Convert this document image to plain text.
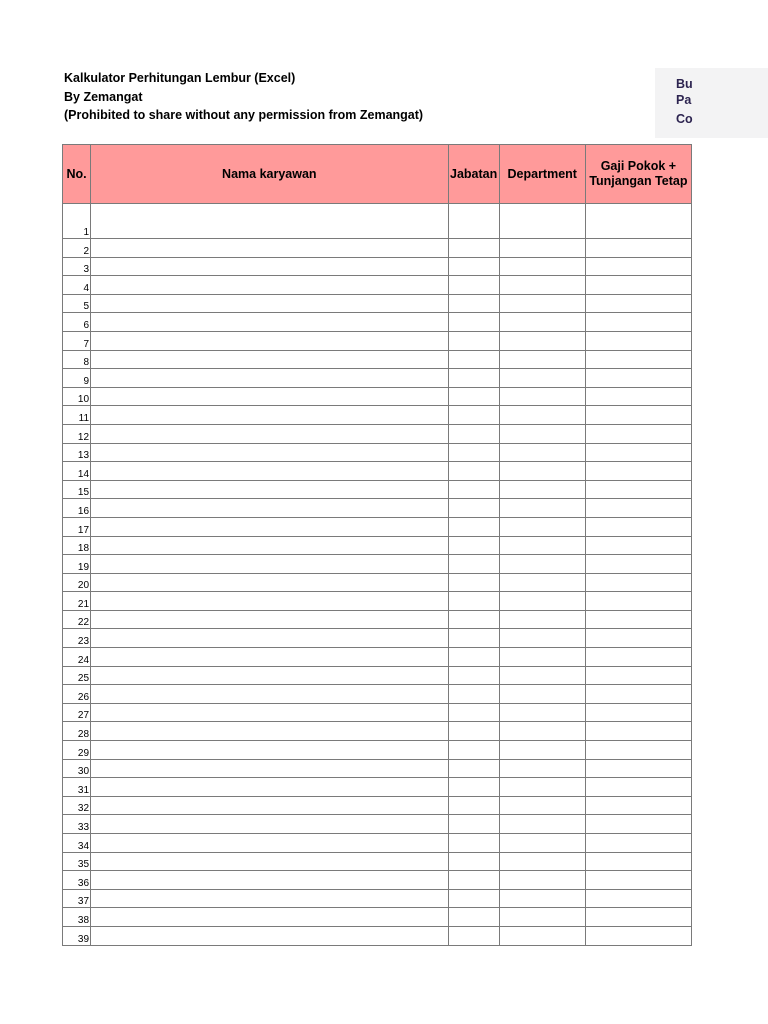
Kalkulator Perhitungan Lembur (Excel)
By Zemangat
(Prohibited to share without any permission from Zemangat)
Bu
Pa
Co
No.	Nama karyawan	Jabatan	Department	Gaji Pokok +
Tunjangan Tetap
1				
2				
3				
4				
5				
6				
7				
8				
9				
10				
11				
12				
13				
14				
15				
16				
17				
18				
19				
20				
21				
22				
23				
24				
25				
26				
27				
28				
29				
30				
31				
32				
33				
34				
35				
36				
37				
38				
39				
